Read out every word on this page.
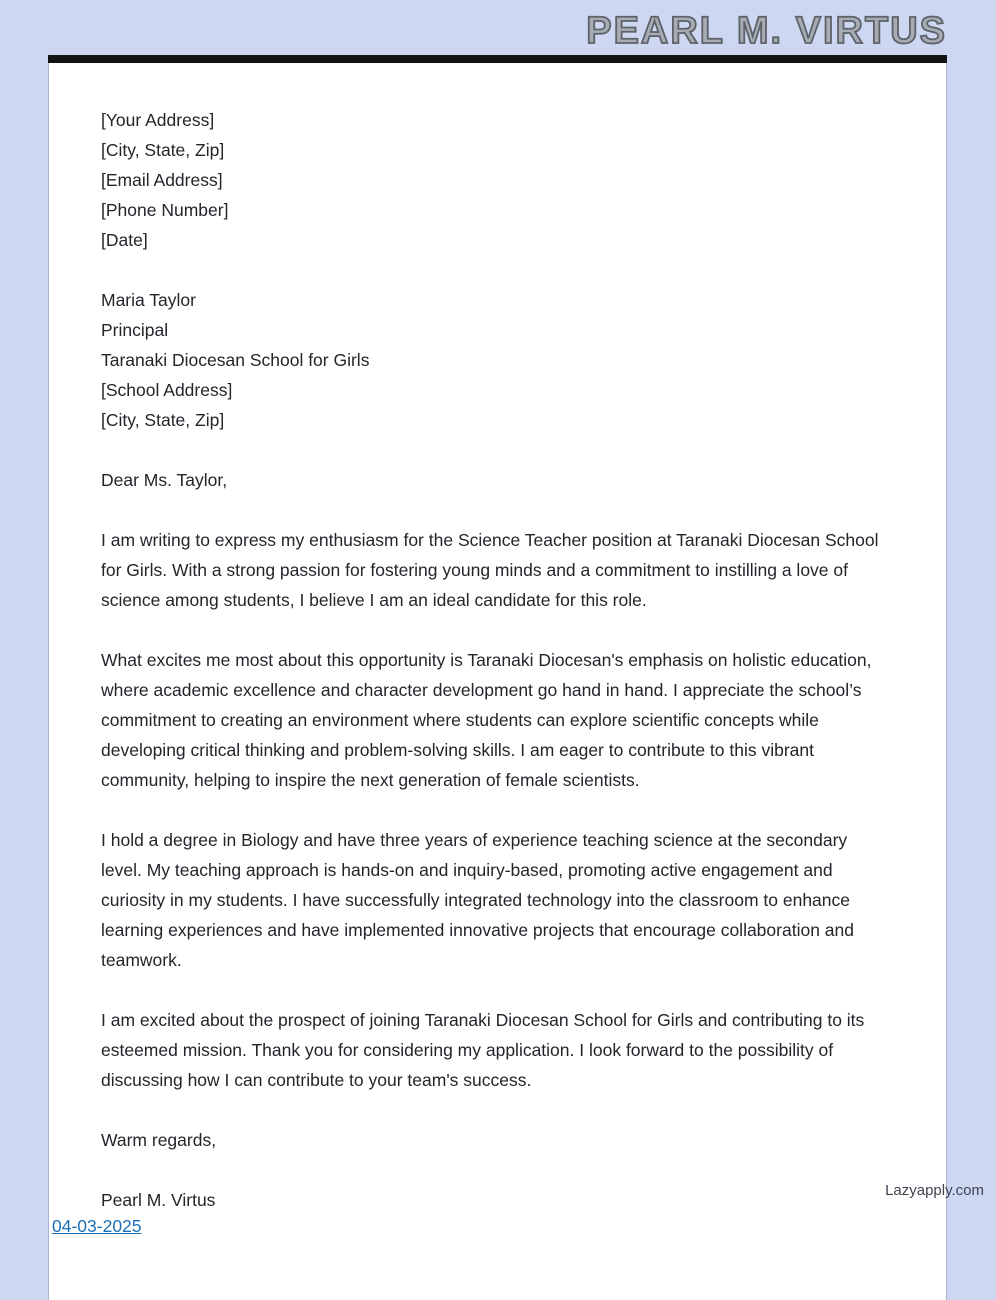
PEARL M. VIRTUS
[Your Address]
[City, State, Zip]
[Email Address]
[Phone Number]
[Date]
Maria Taylor
Principal
Taranaki Diocesan School for Girls
[School Address]
[City, State, Zip]
Dear Ms. Taylor,
I am writing to express my enthusiasm for the Science Teacher position at Taranaki Diocesan School for Girls. With a strong passion for fostering young minds and a commitment to instilling a love of science among students, I believe I am an ideal candidate for this role.
What excites me most about this opportunity is Taranaki Diocesan's emphasis on holistic education, where academic excellence and character development go hand in hand. I appreciate the school’s commitment to creating an environment where students can explore scientific concepts while developing critical thinking and problem-solving skills. I am eager to contribute to this vibrant community, helping to inspire the next generation of female scientists.
I hold a degree in Biology and have three years of experience teaching science at the secondary level. My teaching approach is hands-on and inquiry-based, promoting active engagement and curiosity in my students. I have successfully integrated technology into the classroom to enhance learning experiences and have implemented innovative projects that encourage collaboration and teamwork.
I am excited about the prospect of joining Taranaki Diocesan School for Girls and contributing to its esteemed mission. Thank you for considering my application. I look forward to the possibility of discussing how I can contribute to your team's success.
Warm regards,
Pearl M. Virtus
04-03-2025
Lazyapply.com
